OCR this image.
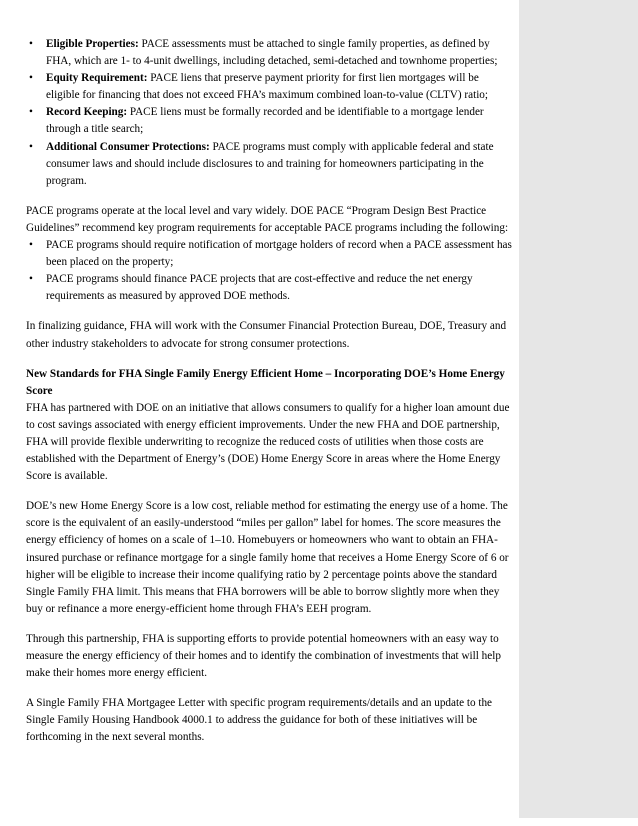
• Eligible Properties: PACE assessments must be attached to single family properties, as defined by FHA, which are 1- to 4-unit dwellings, including detached, semi-detached and townhome properties;
• Equity Requirement: PACE liens that preserve payment priority for first lien mortgages will be eligible for financing that does not exceed FHA’s maximum combined loan-to-value (CLTV) ratio;
• Record Keeping: PACE liens must be formally recorded and be identifiable to a mortgage lender through a title search;
• Additional Consumer Protections: PACE programs must comply with applicable federal and state consumer laws and should include disclosures to and training for homeowners participating in the program.

PACE programs operate at the local level and vary widely. DOE PACE “Program Design Best Practice Guidelines” recommend key program requirements for acceptable PACE programs including the following:

• PACE programs should require notification of mortgage holders of record when a PACE assessment has been placed on the property;
• PACE programs should finance PACE projects that are cost-effective and reduce the net energy requirements as measured by approved DOE methods.

In finalizing guidance, FHA will work with the Consumer Financial Protection Bureau, DOE, Treasury and other industry stakeholders to advocate for strong consumer protections.

New Standards for FHA Single Family Energy Efficient Home – Incorporating DOE’s Home Energy Score

FHA has partnered with DOE on an initiative that allows consumers to qualify for a higher loan amount due to cost savings associated with energy efficient improvements. Under the new FHA and DOE partnership, FHA will provide flexible underwriting to recognize the reduced costs of utilities when those costs are established with the Department of Energy’s (DOE) Home Energy Score in areas where the Home Energy Score is available.

DOE’s new Home Energy Score is a low cost, reliable method for estimating the energy use of a home. The score is the equivalent of an easily-understood “miles per gallon” label for homes. The score measures the energy efficiency of homes on a scale of 1–10. Homebuyers or homeowners who want to obtain an FHA-insured purchase or refinance mortgage for a single family home that receives a Home Energy Score of 6 or higher will be eligible to increase their income qualifying ratio by 2 percentage points above the standard Single Family FHA limit. This means that FHA borrowers will be able to borrow slightly more when they buy or refinance a more energy-efficient home through FHA’s EEH program.

Through this partnership, FHA is supporting efforts to provide potential homeowners with an easy way to measure the energy efficiency of their homes and to identify the combination of investments that will help make their homes more energy efficient.

A Single Family FHA Mortgagee Letter with specific program requirements/details and an update to the Single Family Housing Handbook 4000.1 to address the guidance for both of these initiatives will be forthcoming in the next several months.
